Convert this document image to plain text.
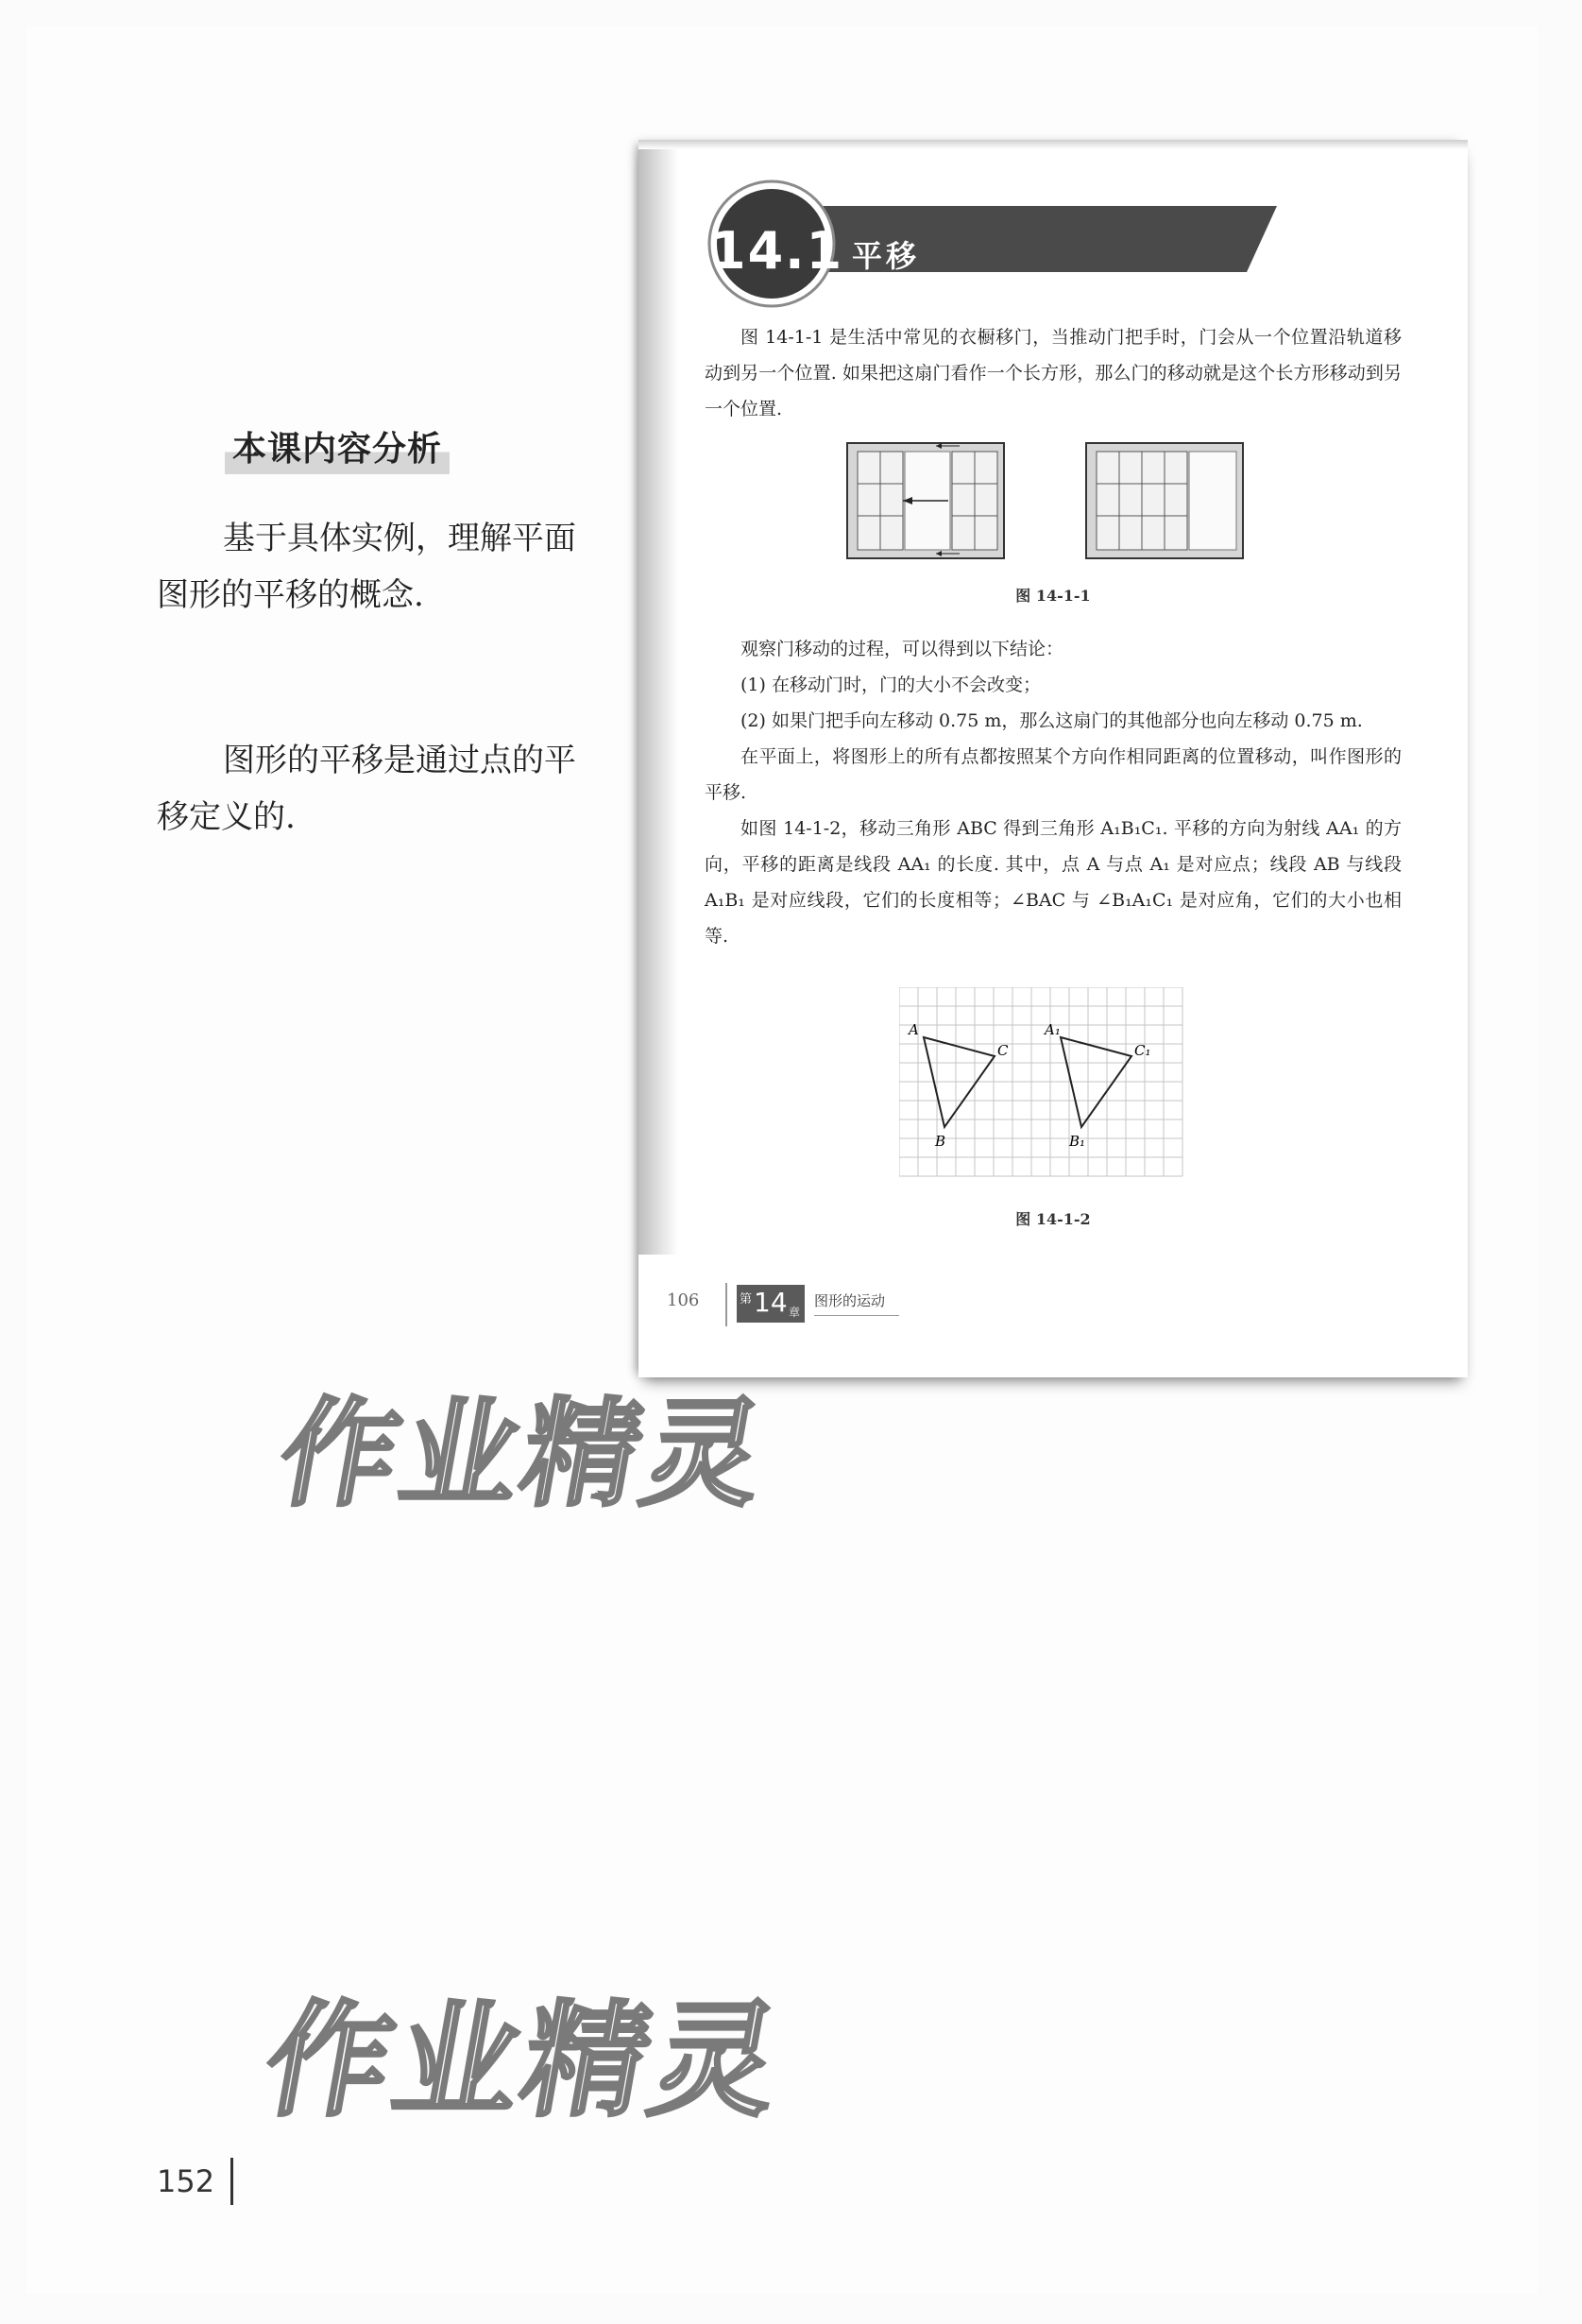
本课内容分析
基于具体实例，理解平面图形的平移的概念.
图形的平移是通过点的平移定义的.
14.1 平移

图 14-1-1 是生活中常见的衣橱移门，当推动门把手时，门会从一个位置沿轨道移动到另一个位置. 如果把这扇门看作一个长方形，那么门的移动就是这个长方形移动到另一个位置.

图 14-1-1

观察门移动的过程，可以得到以下结论：

(1) 在移动门时，门的大小不会改变；

(2) 如果门把手向左移动 0.75 m，那么这扇门的其他部分也向左移动 0.75 m.

在平面上，将图形上的所有点都按照某个方向作相同距离的位置移动，叫作图形的平移.

如图 14-1-2，移动三角形 ABC 得到三角形 A₁B₁C₁. 平移的方向为射线 AA₁ 的方向，平移的距离是线段 AA₁ 的长度. 其中，点 A 与点 A₁ 是对应点；线段 AB 与线段 A₁B₁ 是对应线段，它们的长度相等；∠BAC 与 ∠B₁A₁C₁ 是对应角，它们的大小也相等.

A
C
B
A₁
C₁
B₁
图 14-1-2
106	第 14 章
图形的运动
作业精灵
作业精灵
152
